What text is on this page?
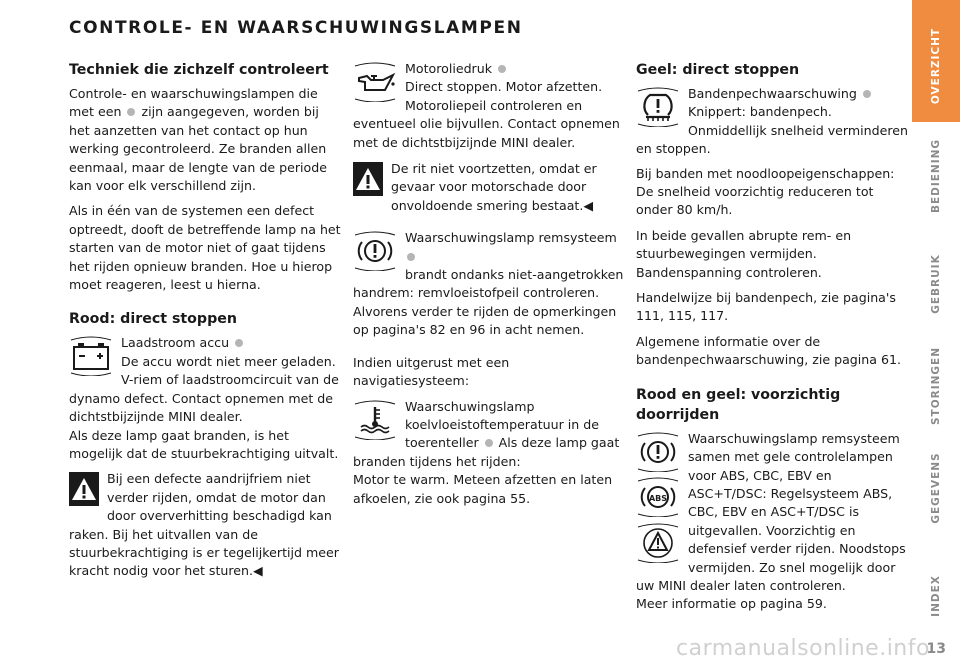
CONTROLE- EN WAARSCHUWINGSLAMPEN
Techniek die zichzelf controleert

Controle- en waarschuwingslampen die met een zijn aangegeven, worden bij het aanzetten van het contact op hun werking gecontroleerd. Ze branden allen eenmaal, maar de lengte van de periode kan voor elk verschillend zijn.

Als in één van de systemen een defect optreedt, dooft de betreffende lamp na het starten van de motor niet of gaat tijdens het rijden opnieuw branden. Hoe u hierop moet reageren, leest u hierna.

Rood: direct stoppen
Laadstroom accu

De accu wordt niet meer geladen. V-riem of laadstroomcircuit van de dynamo defect. Contact opnemen met de dichtstbijzijnde MINI dealer.

Als deze lamp gaat branden, is het mogelijk dat de stuurbekrachtiging uitvalt.

Bij een defecte aandrijfriem niet verder rijden, omdat de motor dan door oververhitting beschadigd kan raken. Bij het uitvallen van de stuurbekrachtiging is er tegelijkertijd meer kracht nodig voor het sturen.◀
Motoroliedruk
Direct stoppen. Motor afzetten. Motoroliepeil controleren en eventueel olie bijvullen. Contact opnemen met de dichtstbijzijnde MINI dealer.
De rit niet voortzetten, omdat er gevaar voor motorschade door onvoldoende smering bestaat.◀
Waarschuwingslamp remsysteem
brandt ondanks niet-aangetrokken handrem: remvloeistofpeil controleren. Alvorens verder te rijden de opmerkingen op pagina's 82 en 96 in acht nemen.

Indien uitgerust met een navigatiesysteem:

Waarschuwingslamp koelvloeistoftemperatuur in de toerenteller Als deze lamp gaat branden tijdens het rijden:

Motor te warm. Meteen afzetten en laten afkoelen, zie ook pagina 55.

Geel: direct stoppen
Bandenpechwaarschuwing
Knippert: bandenpech. Onmiddellijk snelheid verminderen en stoppen.

Bij banden met noodloopeigenschappen: De snelheid voorzichtig reduceren tot onder 80 km/h.

In beide gevallen abrupte rem- en stuurbewegingen vermijden. Bandenspanning controleren.

Handelwijze bij bandenpech, zie pagina's 111, 115, 117.

Algemene informatie over de bandenpechwaarschuwing, zie pagina 61.

Rood en geel: voorzichtig doorrijden
ABS
Waarschuwingslamp remsysteem samen met gele controlelampen voor ABS, CBC, EBV en ASC+T/DSC: Regelsysteem ABS, CBC, EBV en ASC+T/DSC is uitgevallen. Voorzichtig en defensief verder rijden. Noodstops vermijden. Zo snel mogelijk door uw MINI dealer laten controleren.

Meer informatie op pagina 59.

OVERZICHT
BEDIENING
GEBRUIK
STORINGEN
GEGEVENS
INDEX
carmanualsonline.info
13
